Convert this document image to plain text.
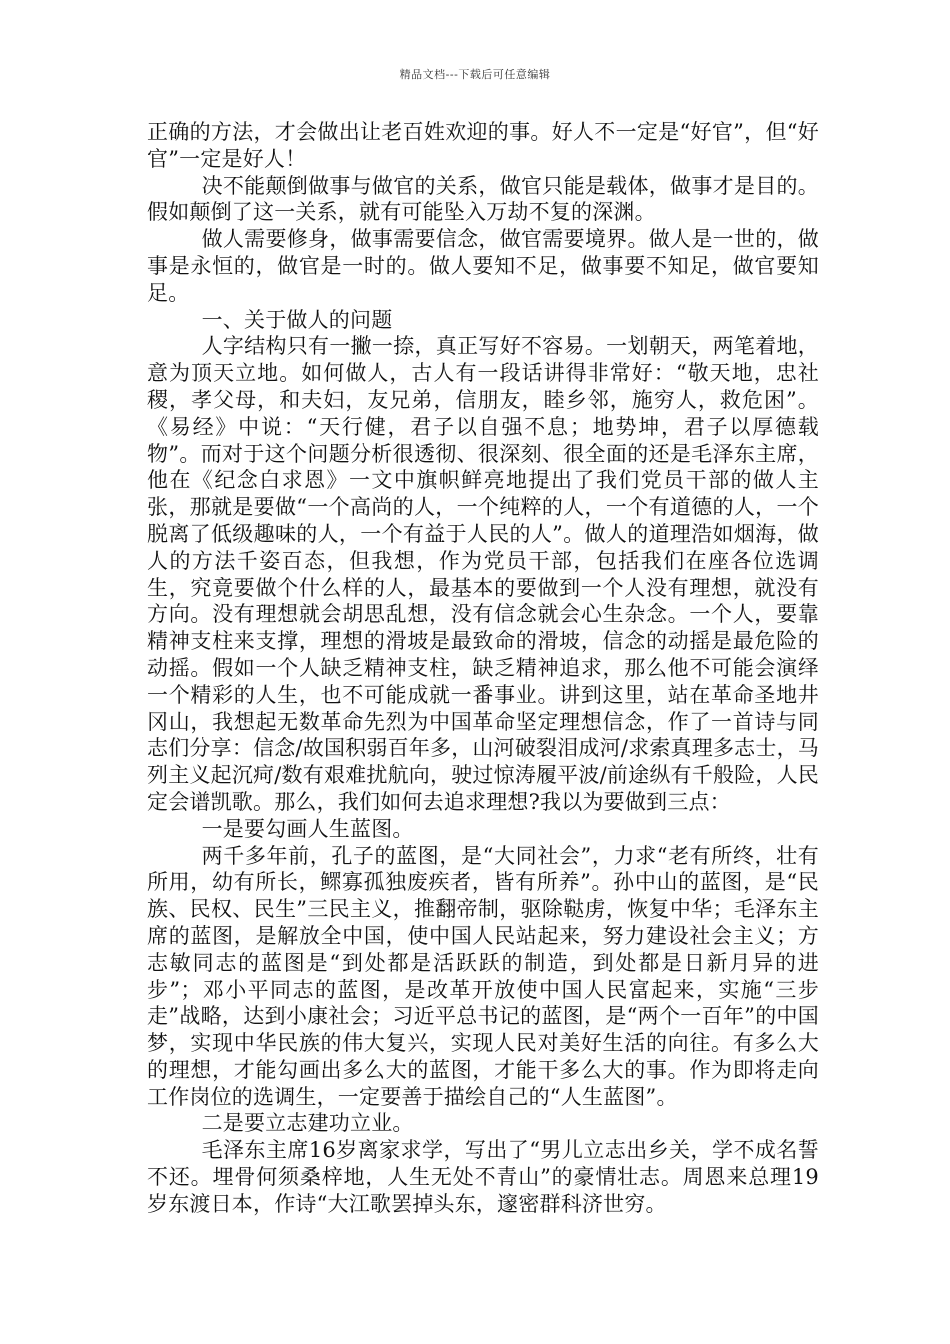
精品文档---下载后可任意编辑

正确的方法，才会做出让老百姓欢迎的事。好人不一定是“好官”，但“好官”一定是好人！

决不能颠倒做事与做官的关系，做官只能是载体，做事才是目的。假如颠倒了这一关系，就有可能坠入万劫不复的深渊。

做人需要修身，做事需要信念，做官需要境界。做人是一世的，做事是永恒的，做官是一时的。做人要知不足，做事要不知足，做官要知足。

一、关于做人的问题

人字结构只有一撇一捺，真正写好不容易。一划朝天，两笔着地，意为顶天立地。如何做人，古人有一段话讲得非常好：“敬天地，忠社稷，孝父母，和夫妇，友兄弟，信朋友，睦乡邻，施穷人，救危困”。《易经》中说：“天行健，君子以自强不息；地势坤，君子以厚德载物”。而对于这个问题分析很透彻、很深刻、很全面的还是毛泽东主席，他在《纪念白求恩》一文中旗帜鲜亮地提出了我们党员干部的做人主张，那就是要做“一个高尚的人，一个纯粹的人，一个有道德的人，一个脱离了低级趣味的人，一个有益于人民的人”。做人的道理浩如烟海，做人的方法千姿百态，但我想，作为党员干部，包括我们在座各位选调生，究竟要做个什么样的人，最基本的要做到一个人没有理想，就没有方向。没有理想就会胡思乱想，没有信念就会心生杂念。一个人，要靠精神支柱来支撑，理想的滑坡是最致命的滑坡，信念的动摇是最危险的动摇。假如一个人缺乏精神支柱，缺乏精神追求，那么他不可能会演绎一个精彩的人生，也不可能成就一番事业。讲到这里，站在革命圣地井冈山，我想起无数革命先烈为中国革命坚定理想信念，作了一首诗与同志们分享：信念/故国积弱百年多，山河破裂泪成河/求索真理多志士，马列主义起沉疴/数有艰难扰航向，驶过惊涛履平波/前途纵有千般险，人民定会谱凯歌。那么，我们如何去追求理想?我以为要做到三点：

一是要勾画人生蓝图。

两千多年前，孔子的蓝图，是“大同社会”，力求“老有所终，壮有所用，幼有所长，鳏寡孤独废疾者，皆有所养”。孙中山的蓝图，是“民族、民权、民生”三民主义，推翻帝制，驱除鞑虏，恢复中华；毛泽东主席的蓝图，是解放全中国，使中国人民站起来，努力建设社会主义；方志敏同志的蓝图是“到处都是活跃跃的制造，到处都是日新月异的进步”；邓小平同志的蓝图，是改革开放使中国人民富起来，实施“三步走”战略，达到小康社会；习近平总书记的蓝图，是“两个一百年”的中国梦，实现中华民族的伟大复兴，实现人民对美好生活的向往。有多么大的理想，才能勾画出多么大的蓝图，才能干多么大的事。作为即将走向工作岗位的选调生，一定要善于描绘自己的“人生蓝图”。

二是要立志建功立业。

毛泽东主席16岁离家求学，写出了“男儿立志出乡关，学不成名誓不还。埋骨何须桑梓地，人生无处不青山”的豪情壮志。周恩来总理19岁东渡日本，作诗“大江歌罢掉头东，邃密群科济世穷。
